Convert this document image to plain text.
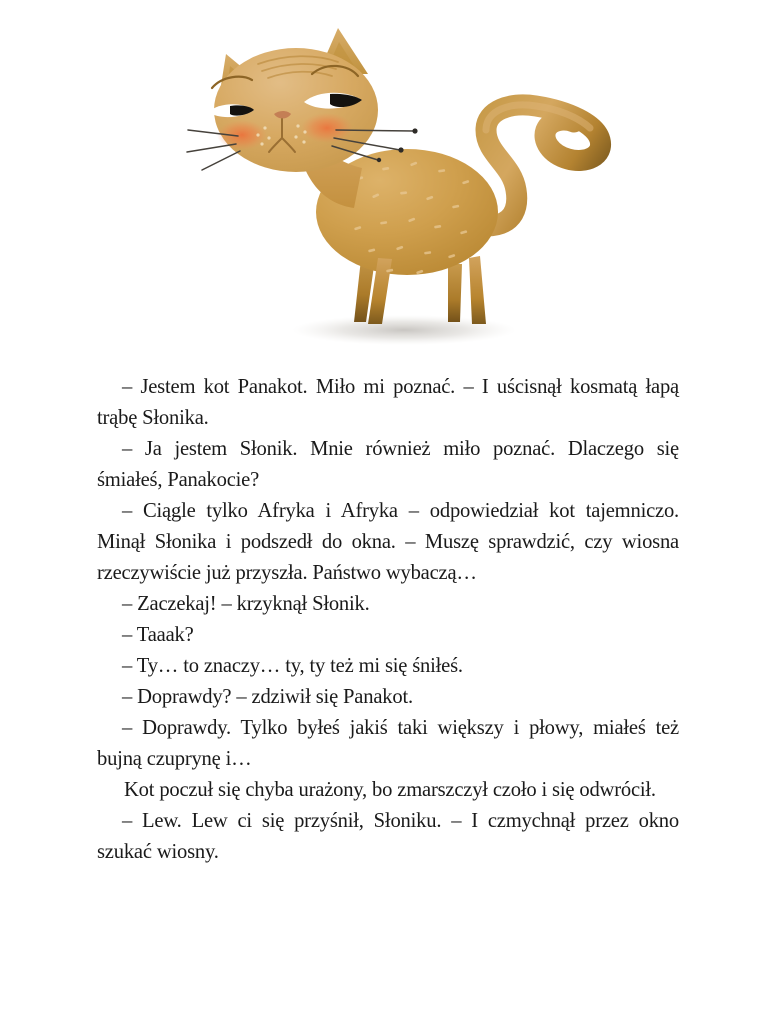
– Jestem kot Panakot. Miło mi poznać. – I uścisnął kosmatą łapą trąbę Słonika.

– Ja jestem Słonik. Mnie również miło poznać. Dlaczego się śmiałeś, Panakocie?

– Ciągle tylko Afryka i Afryka – odpowiedział kot tajemniczo. Minął Słonika i podszedł do okna. – Muszę sprawdzić, czy wiosna rzeczywiście już przyszła. Państwo wybaczą…

– Zaczekaj! – krzyknął Słonik.

– Taaak?

– Ty… to znaczy… ty, ty też mi się śniłeś.

– Doprawdy? – zdziwił się Panakot.

– Doprawdy. Tylko byłeś jakiś taki większy i płowy, miałeś też bujną czuprynę i…

Kot poczuł się chyba urażony, bo zmarszczył czoło i się odwrócił.

– Lew. Lew ci się przyśnił, Słoniku. – I czmychnął przez okno szukać wiosny.
